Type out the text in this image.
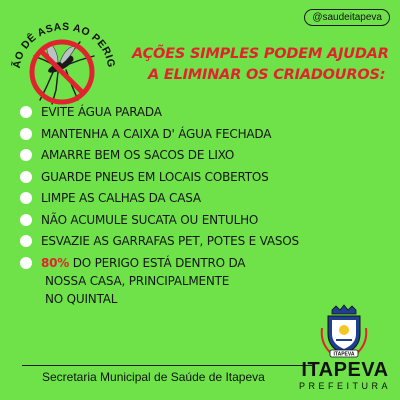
@saudeitapeva
ÃO DÊ ASAS AO PERIG
AÇÕES SIMPLES PODEM AJUDAR
A ELIMINAR OS CRIADOUROS:
EVITE ÁGUA PARADA
MANTENHA A CAIXA D' ÁGUA FECHADA
AMARRE BEM OS SACOS DE LIXO
GUARDE PNEUS EM LOCAIS COBERTOS
LIMPE AS CALHAS DA CASA
NÃO ACUMULE SUCATA OU ENTULHO
ESVAZIE AS GARRAFAS PET, POTES E VASOS
80% DO PERIGO ESTÁ DENTRO DA
NOSSA CASA, PRINCIPALMENTE
NO QUINTAL
Secretaria Municipal de Saúde de Itapeva
ITAPEVA
ITAPEVA
PREFEITURA
